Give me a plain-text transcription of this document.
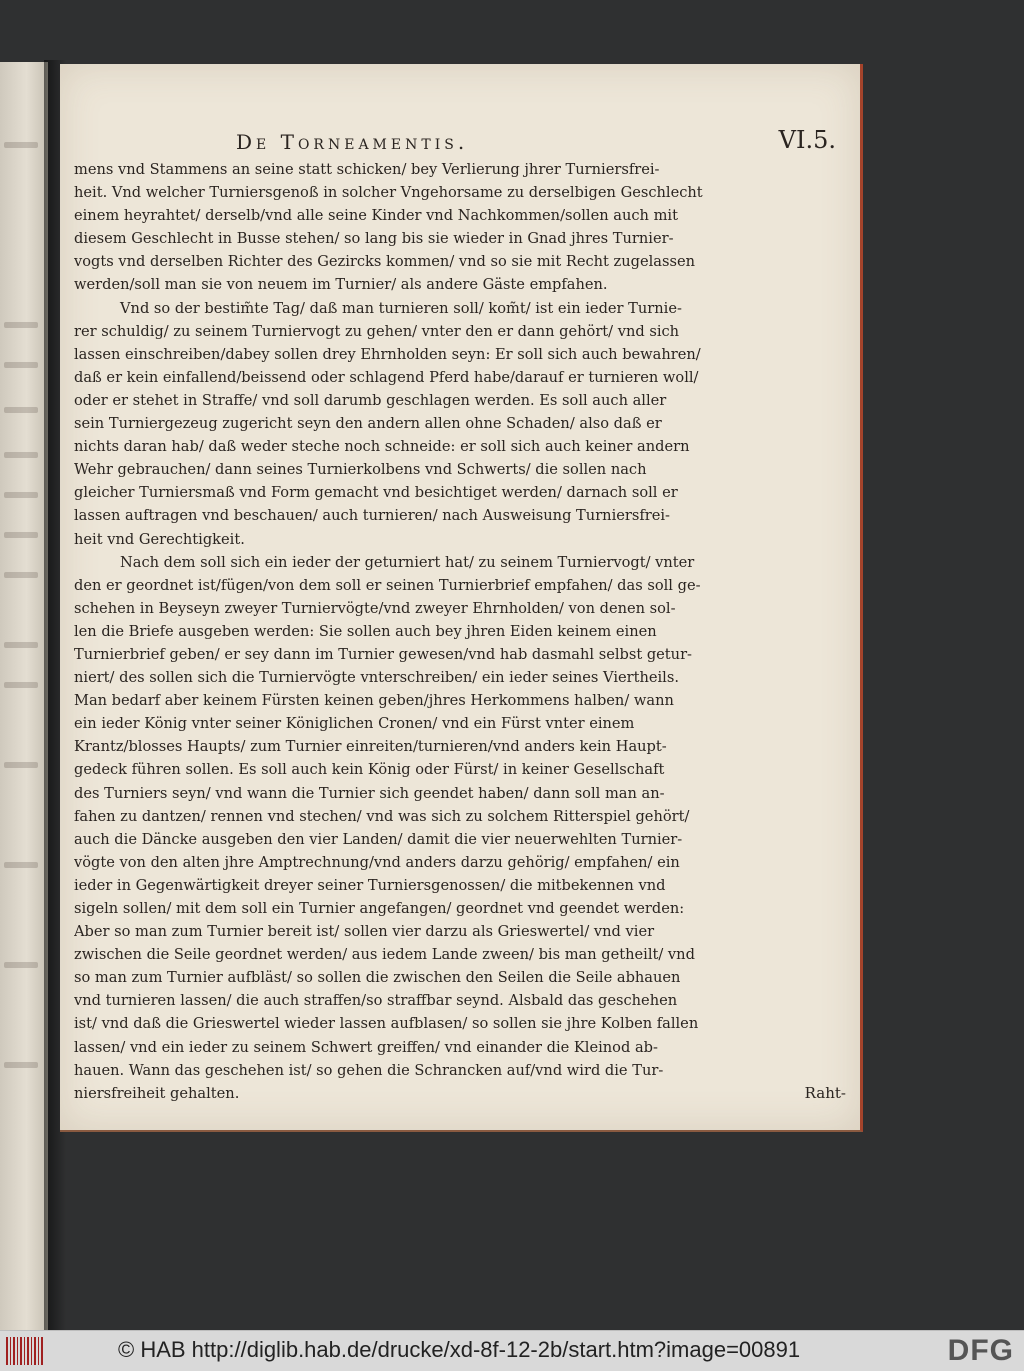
De Torneamentis.	VI.5.
mens vnd Stammens an seine statt schicken/ bey Verlierung jhrer Turniersfrei-
heit. Vnd welcher Turniersgenoß in solcher Vngehorsame zu derselbigen Geschlecht
einem heyrahtet/ derselb/vnd alle seine Kinder vnd Nachkommen/sollen auch mit
diesem Geschlecht in Busse stehen/ so lang bis sie wieder in Gnad jhres Turnier-
vogts vnd derselben Richter des Gezircks kommen/ vnd so sie mit Recht zugelassen
werden/soll man sie von neuem im Turnier/ als andere Gäste empfahen.
Vnd so der bestim̃te Tag/ daß man turnieren soll/ kom̃t/ ist ein ieder Turnie-
rer schuldig/ zu seinem Turniervogt zu gehen/ vnter den er dann gehört/ vnd sich
lassen einschreiben/dabey sollen drey Ehrnholden seyn: Er soll sich auch bewahren/
daß er kein einfallend/beissend oder schlagend Pferd habe/darauf er turnieren woll/
oder er stehet in Straffe/ vnd soll darumb geschlagen werden. Es soll auch aller
sein Turniergezeug zugericht seyn den andern allen ohne Schaden/ also daß er
nichts daran hab/ daß weder steche noch schneide: er soll sich auch keiner andern
Wehr gebrauchen/ dann seines Turnierkolbens vnd Schwerts/ die sollen nach
gleicher Turniersmaß vnd Form gemacht vnd besichtiget werden/ darnach soll er
lassen auftragen vnd beschauen/ auch turnieren/ nach Ausweisung Turniersfrei-
heit vnd Gerechtigkeit.
Nach dem soll sich ein ieder der geturniert hat/ zu seinem Turniervogt/ vnter
den er geordnet ist/fügen/von dem soll er seinen Turnierbrief empfahen/ das soll ge-
schehen in Beyseyn zweyer Turniervögte/vnd zweyer Ehrnholden/ von denen sol-
len die Briefe ausgeben werden: Sie sollen auch bey jhren Eiden keinem einen
Turnierbrief geben/ er sey dann im Turnier gewesen/vnd hab dasmahl selbst getur-
niert/ des sollen sich die Turniervögte vnterschreiben/ ein ieder seines Viertheils.
Man bedarf aber keinem Fürsten keinen geben/jhres Herkommens halben/ wann
ein ieder König vnter seiner Königlichen Cronen/ vnd ein Fürst vnter einem
Krantz/blosses Haupts/ zum Turnier einreiten/turnieren/vnd anders kein Haupt-
gedeck führen sollen. Es soll auch kein König oder Fürst/ in keiner Gesellschaft
des Turniers seyn/ vnd wann die Turnier sich geendet haben/ dann soll man an-
fahen zu dantzen/ rennen vnd stechen/ vnd was sich zu solchem Ritterspiel gehört/
auch die Däncke ausgeben den vier Landen/ damit die vier neuerwehlten Turnier-
vögte von den alten jhre Amptrechnung/vnd anders darzu gehörig/ empfahen/ ein
ieder in Gegenwärtigkeit dreyer seiner Turniersgenossen/ die mitbekennen vnd
sigeln sollen/ mit dem soll ein Turnier angefangen/ geordnet vnd geendet werden:
Aber so man zum Turnier bereit ist/ sollen vier darzu als Grieswertel/ vnd vier
zwischen die Seile geordnet werden/ aus iedem Lande zween/ bis man getheilt/ vnd
so man zum Turnier aufbläst/ so sollen die zwischen den Seilen die Seile abhauen
vnd turnieren lassen/ die auch straffen/so straffbar seynd. Alsbald das geschehen
ist/ vnd daß die Grieswertel wieder lassen aufblasen/ so sollen sie jhre Kolben fallen
lassen/ vnd ein ieder zu seinem Schwert greiffen/ vnd einander die Kleinod ab-
hauen. Wann das geschehen ist/ so gehen die Schrancken auf/vnd wird die Tur-
niersfreiheit gehalten.	Raht-
© HAB http://diglib.hab.de/drucke/xd-8f-12-2b/start.htm?image=00891	DFG
